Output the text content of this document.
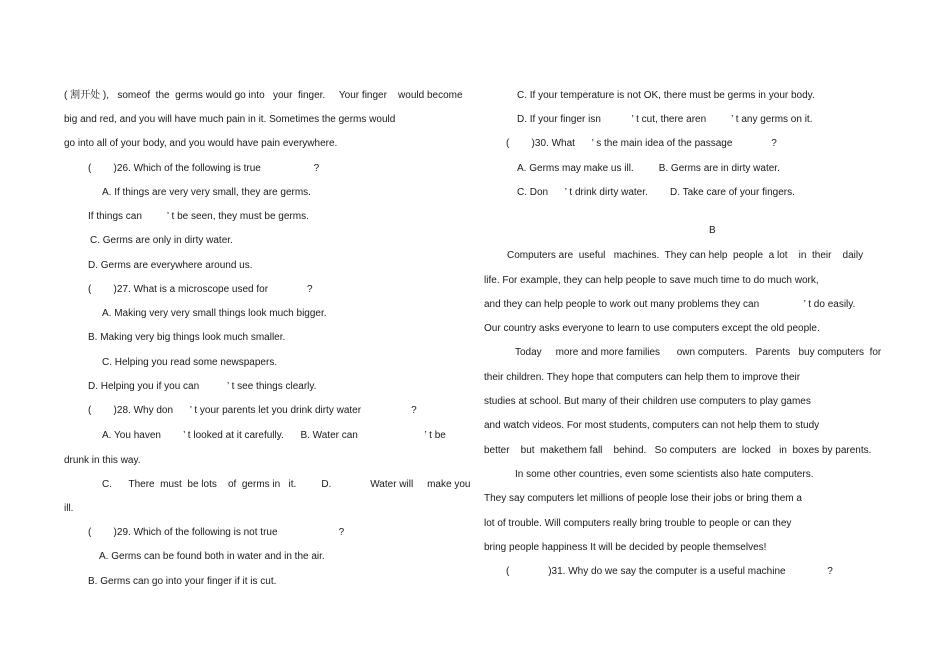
( 割开处 ),   someof  the  germs would go into   your  finger.     Your finger    would become
big and red, and you will have much pain in it. Sometimes the germs would
go into all of your body, and you would have pain everywhere.
(        )26. Which of the following is true                   ?
A. If things are very very small, they are germs.
If things can         ’ t be seen, they must be germs.
C. Germs are only in dirty water.
D. Germs are everywhere around us.
(        )27. What is a microscope used for              ?
A. Making very very small things look much bigger.
B. Making very big things look much smaller.
C. Helping you read some newspapers.
D. Helping you if you can          ’ t see things clearly.
(        )28. Why don      ’ t your parents let you drink dirty water                  ?
A. You haven        ’ t looked at it carefully.      B. Water can                        ’ t be
drunk in this way.
C.      There  must  be lots    of  germs in   it.         D.              Water will     make you
ill.
(        )29. Which of the following is not true                      ?
A. Germs can be found both in water and in the air.
B. Germs can go into your finger if it is cut.
C. If your temperature is not OK, there must be germs in your body.
D. If your finger isn           ’ t cut, there aren         ’ t any germs on it.
(        )30. What      ’ s the main idea of the passage              ?
A. Germs may make us ill.         B. Germs are in dirty water.
C. Don      ’ t drink dirty water.        D. Take care of your fingers.
B
Computers are  useful   machines.  They can help  people  a lot    in  their    daily
life. For example, they can help people to save much time to do much work,
and they can help people to work out many problems they can                ’ t do easily.
Our country asks everyone to learn to use computers except the old people.
Today     more and more families      own computers.   Parents   buy computers  for
their children. They hope that computers can help them to improve their
studies at school. But many of their children use computers to play games
and watch videos. For most students, computers can not help them to study
better    but  makethem fall    behind.   So computers  are  locked   in  boxes by parents.
In some other countries, even some scientists also hate computers.
They say computers let millions of people lose their jobs or bring them a
lot of trouble. Will computers really bring trouble to people or can they
bring people happiness It will be decided by people themselves!
(              )31. Why do we say the computer is a useful machine               ?
